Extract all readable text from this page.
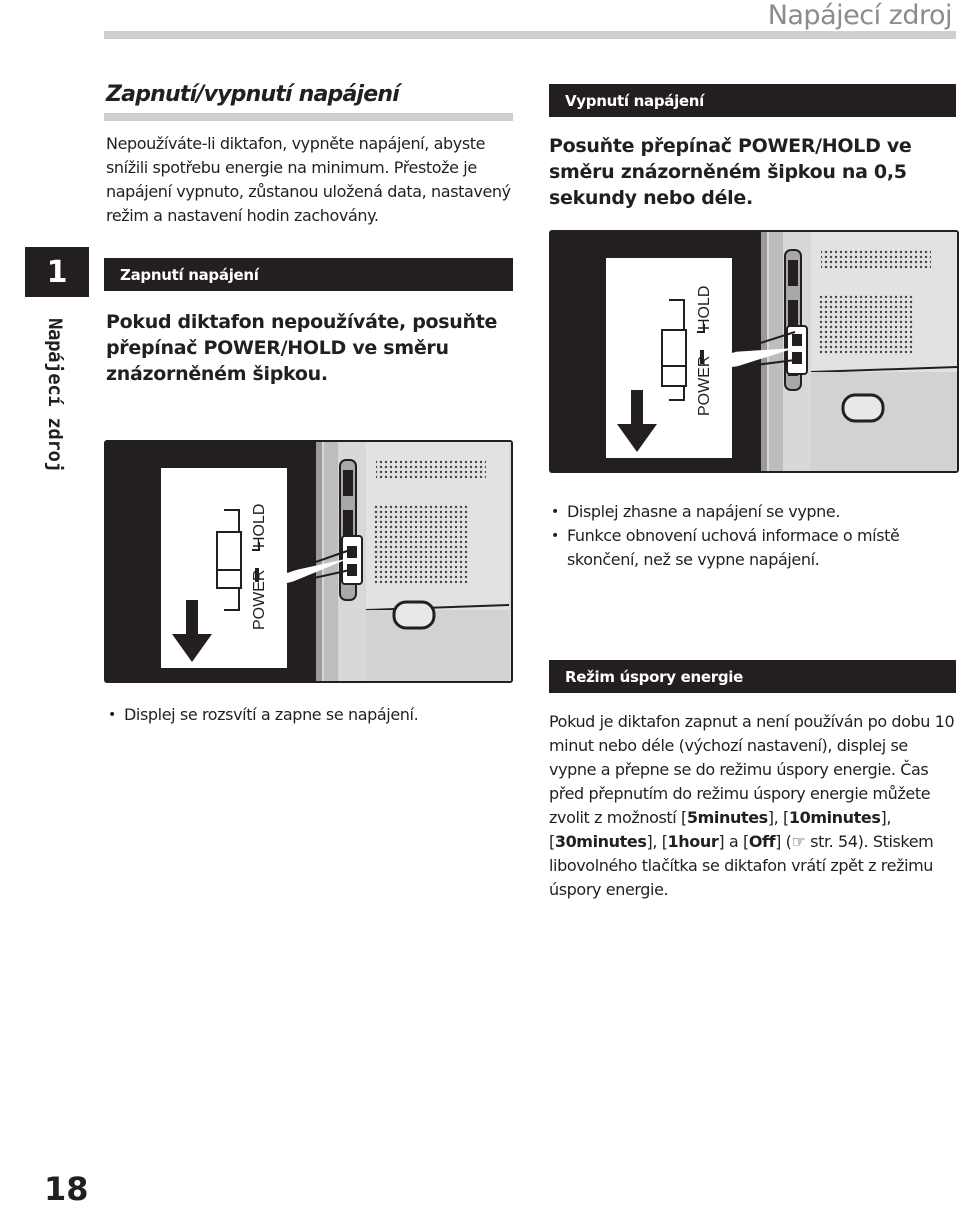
Napájecí zdroj
1
Napájecí zdroj
Zapnutí/vypnutí napájení

Nepoužíváte-li diktafon, vypněte napájení, abyste snížili spotřebu energie na minimum. Přestože je napájení vypnuto, zůstanou uložená data, nastavený režim a nastavení hodin zachovány.

Zapnutí napájení

Pokud diktafon nepoužíváte, posuňte přepínač POWER/HOLD ve směru znázorněném šipkou.

POWER
HOLD
• Displej se rozsvítí a zapne se napájení.
Vypnutí napájení

Posuňte přepínač POWER/HOLD ve směru znázorněném šipkou na 0,5 sekundy nebo déle.

POWER
HOLD
• Displej zhasne a napájení se vypne.
• Funkce obnovení uchová informace o místě skončení, než se vypne napájení.
Režim úspory energie

Pokud je diktafon zapnut a není používán po dobu 10 minut nebo déle (výchozí nastavení), displej se vypne a přepne se do režimu úspory energie. Čas před přepnutím do režimu úspory energie můžete zvolit z možností [5minutes], [10minutes], [30minutes], [1hour] a [Off] (☞ str. 54). Stiskem libovolného tlačítka se diktafon vrátí zpět z režimu úspory energie.

18
